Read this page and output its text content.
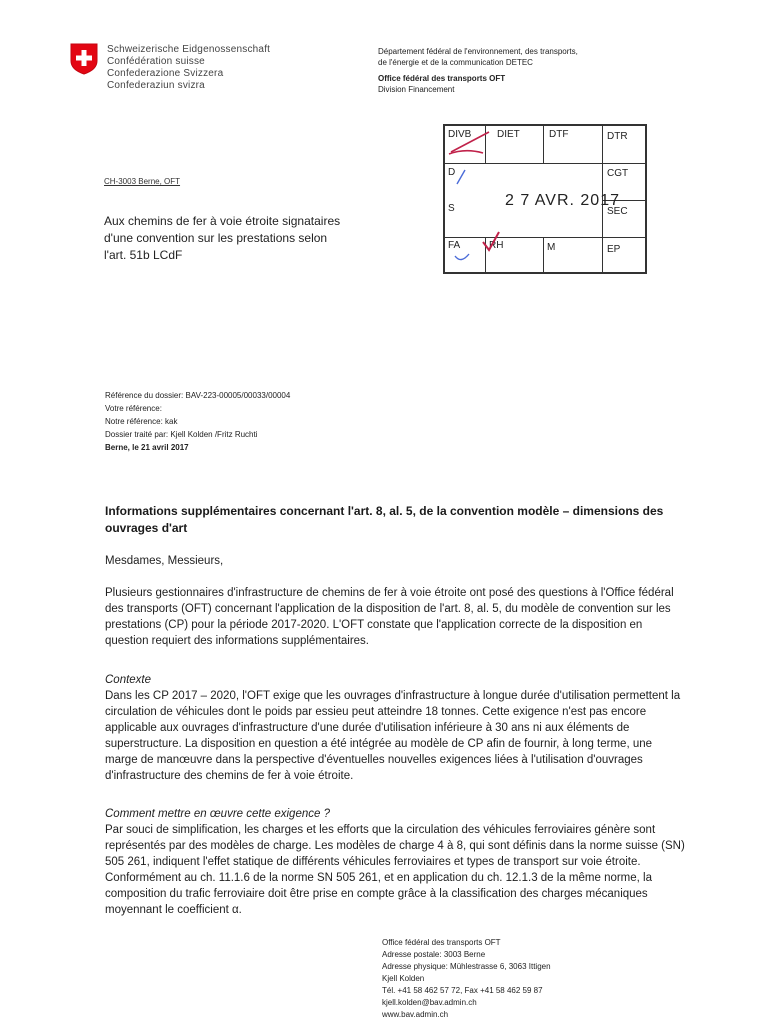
Schweizerische Eidgenossenschaft
Confédération suisse
Confederazione Svizzera
Confederaziun svizra
Département fédéral de l'environnement, des transports,
de l'énergie et de la communication DETEC
Office fédéral des transports OFT
Division Financement
DIVB	DIET	DTF	DTR
D	CGT
S	SEC
FA	RH	M	EP
2 7 AVR. 2017
CH-3003 Berne, OFT
Aux chemins de fer à voie étroite signataires
d'une convention sur les prestations selon
l'art. 51b LCdF
Référence du dossier: BAV-223-00005/00033/00004
Votre référence:
Notre référence: kak
Dossier traité par: Kjell Kolden /Fritz Ruchti
Berne, le 21 avril 2017
Informations supplémentaires concernant l'art. 8, al. 5, de la convention modèle – dimensions des ouvrages d'art
Mesdames, Messieurs,
Plusieurs gestionnaires d'infrastructure de chemins de fer à voie étroite ont posé des questions à l'Office fédéral des transports (OFT) concernant l'application de la disposition de l'art. 8, al. 5, du modèle de convention sur les prestations (CP) pour la période 2017-2020. L'OFT constate que l'application correcte de la disposition en question requiert des informations supplémentaires.
Contexte
Dans les CP 2017 – 2020, l'OFT exige que les ouvrages d'infrastructure à longue durée d'utilisation permettent la circulation de véhicules dont le poids par essieu peut atteindre 18 tonnes. Cette exigence n'est pas encore applicable aux ouvrages d'infrastructure d'une durée d'utilisation inférieure à 30 ans ni aux éléments de superstructure. La disposition en question a été intégrée au modèle de CP afin de fournir, à long terme, une marge de manœuvre dans la perspective d'éventuelles nouvelles exigences liées à l'utilisation d'ouvrages d'infrastructure des chemins de fer à voie étroite.
Comment mettre en œuvre cette exigence ?
Par souci de simplification, les charges et les efforts que la circulation des véhicules ferroviaires génère sont représentés par des modèles de charge. Les modèles de charge 4 à 8, qui sont définis dans la norme suisse (SN) 505 261, indiquent l'effet statique de différents véhicules ferroviaires et types de transport sur voie étroite. Conformément au ch. 11.1.6 de la norme SN 505 261, et en application du ch. 12.1.3 de la même norme, la composition du trafic ferroviaire doit être prise en compte grâce à la classification des charges mécaniques moyennant le coefficient α.
Office fédéral des transports OFT
Adresse postale: 3003 Berne
Adresse physique: Mühlestrasse 6, 3063 Ittigen
Kjell Kolden
Tél. +41 58 462 57 72, Fax +41 58 462 59 87
kjell.kolden@bav.admin.ch
www.bav.admin.ch
